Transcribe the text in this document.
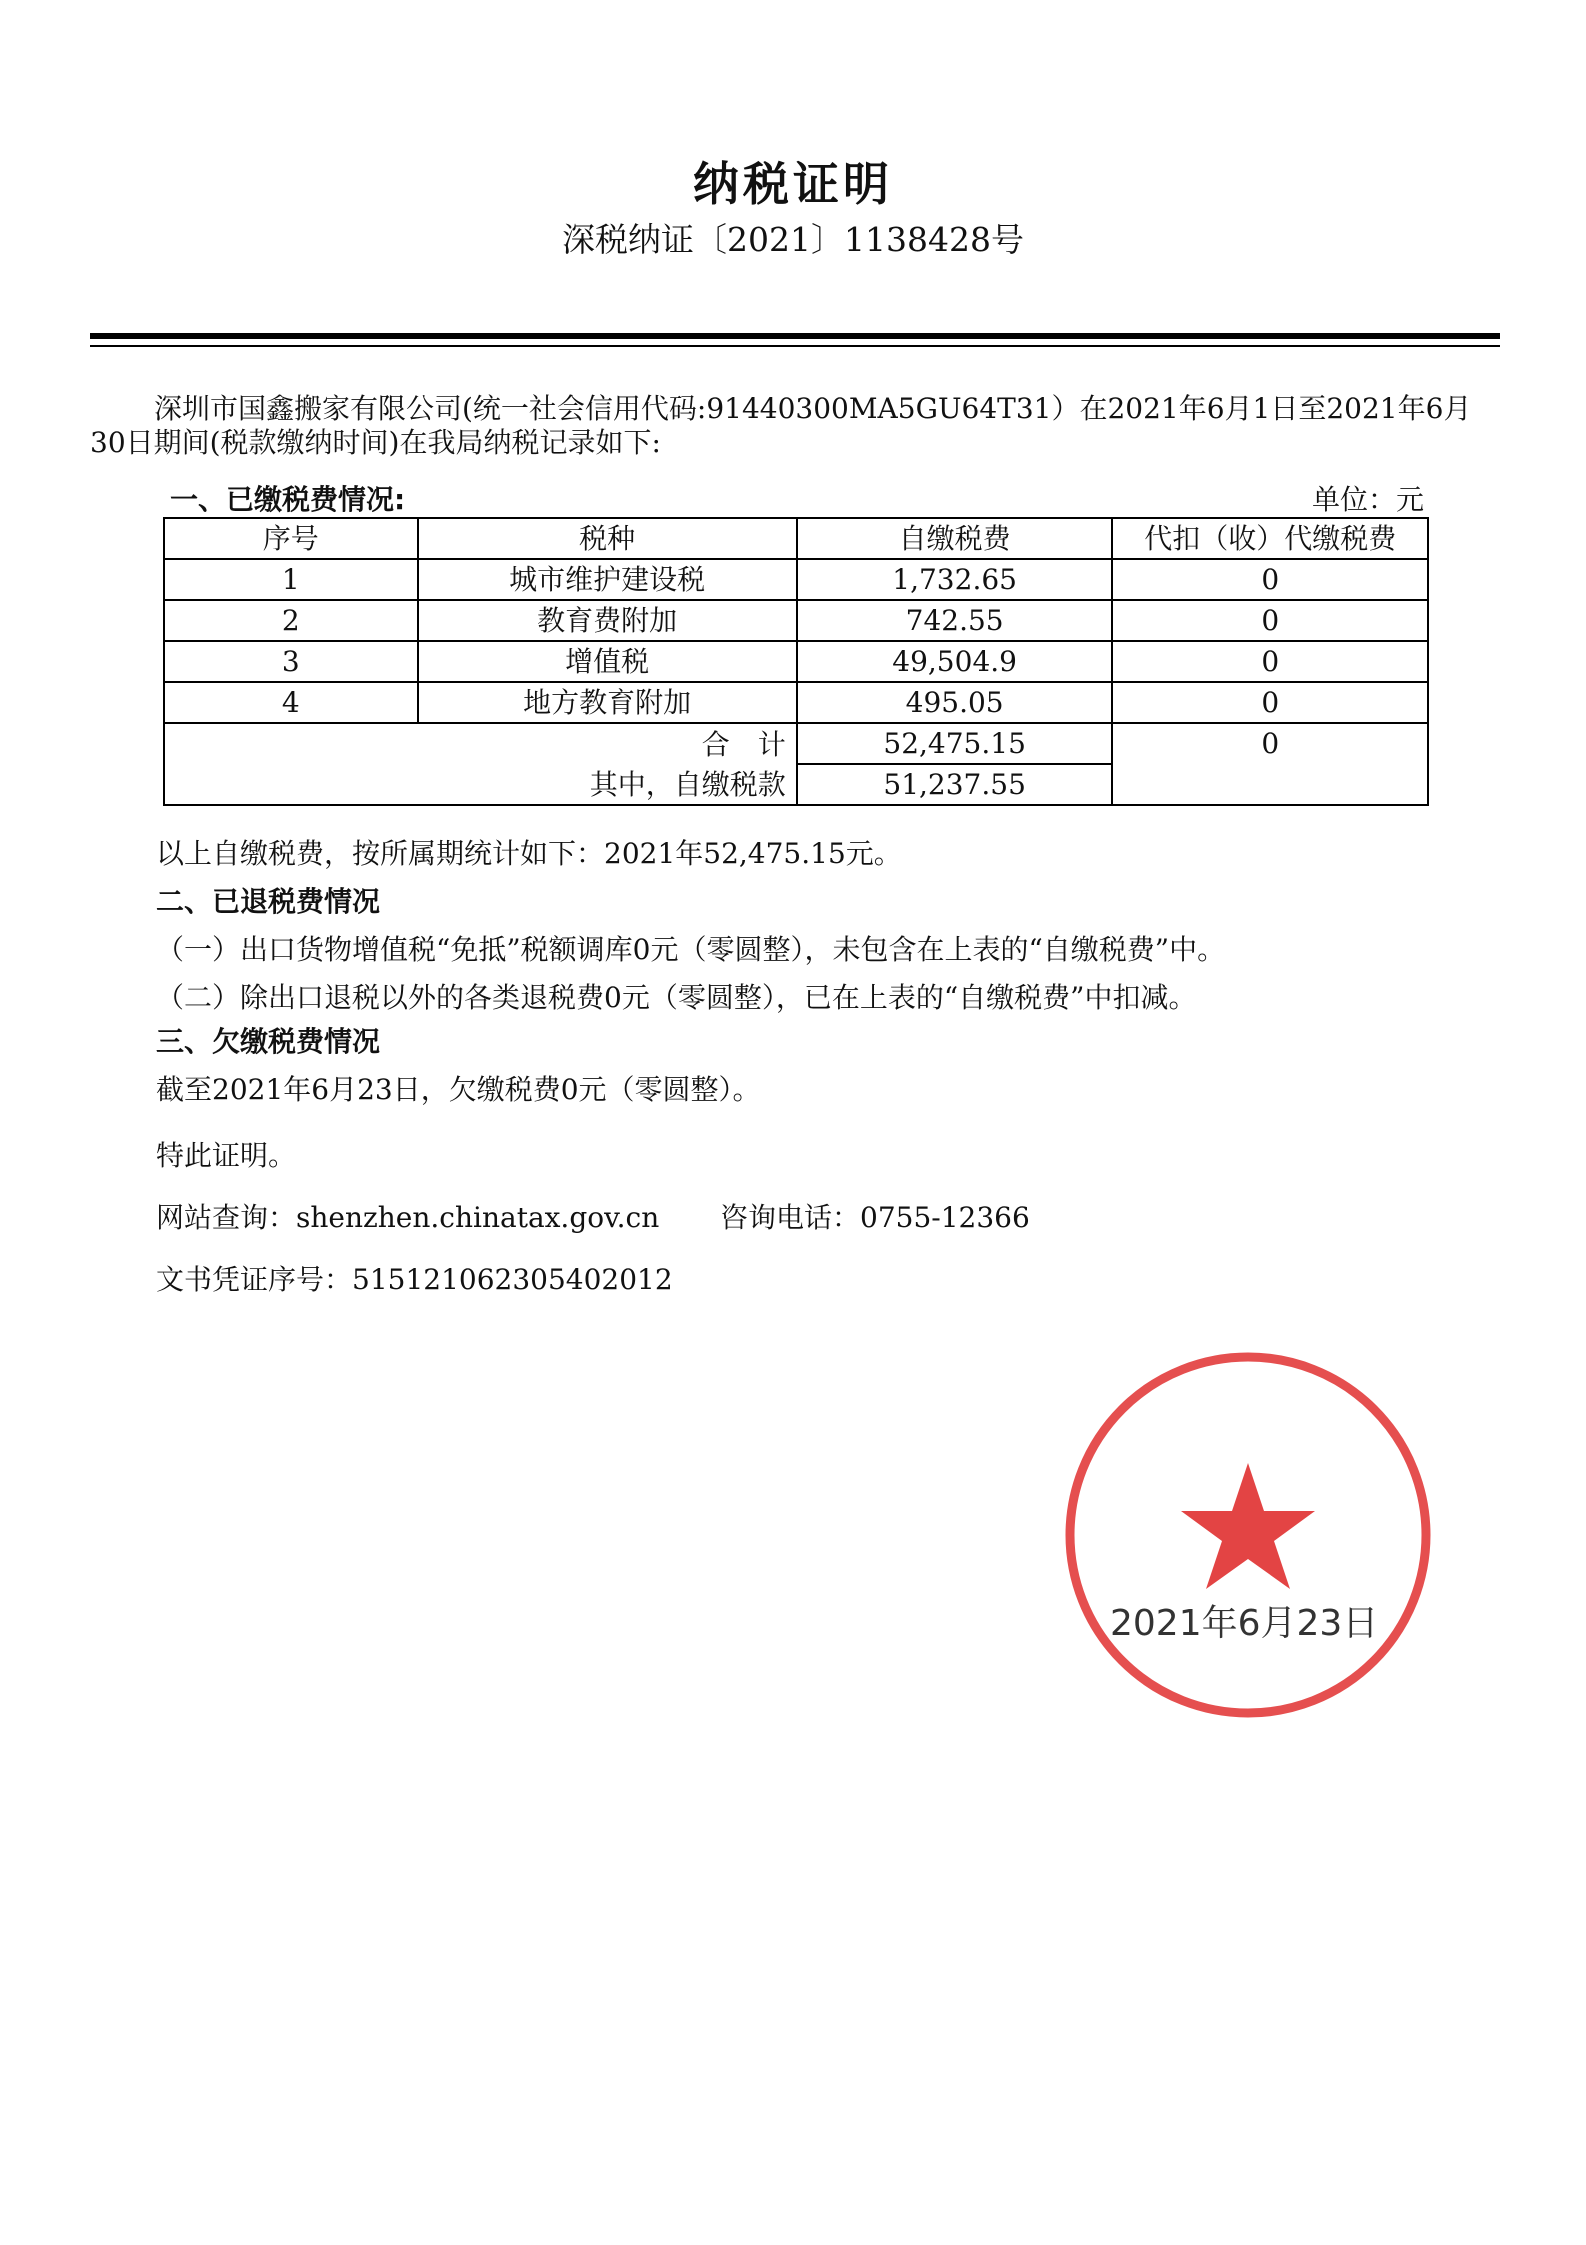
纳税证明
深税纳证〔2021〕1138428号
深圳市国鑫搬家有限公司(统一社会信用代码:91440300MA5GU64T31）在2021年6月1日至2021年6月30日期间(税款缴纳时间)在我局纳税记录如下:
一、已缴税费情况:	单位：元
序号	税种	自缴税费	代扣（收）代缴税费
1	城市维护建设税	1,732.65	0
2	教育费附加	742.55	0
3	增值税	49,504.9	0
4	地方教育附加	495.05	0
合　计		52,475.15	0
其中，自缴税款		51,237.55	
以上自缴税费，按所属期统计如下：2021年52,475.15元。
二、已退税费情况
（一）出口货物增值税“免抵”税额调库0元（零圆整），未包含在上表的“自缴税费”中。
（二）除出口退税以外的各类退税费0元（零圆整），已在上表的“自缴税费”中扣减。
三、欠缴税费情况
截至2021年6月23日，欠缴税费0元（零圆整）。
特此证明。
网站查询：shenzhen.chinatax.gov.cn 咨询电话：0755-12366
文书凭证序号：515121062305402012
2021年6月23日
